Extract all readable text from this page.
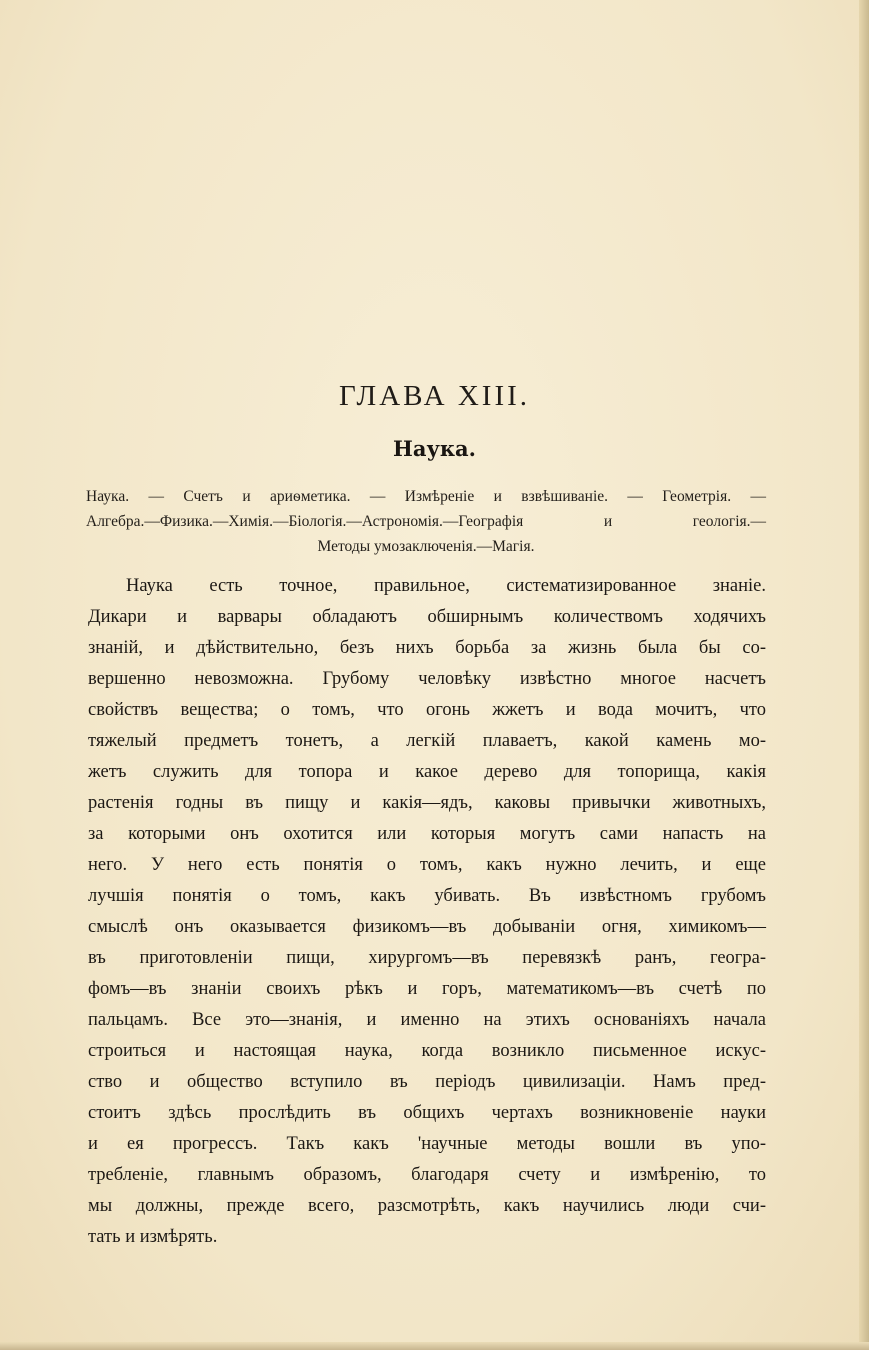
ГЛАВА XIII.
Наука.
Наука. — Счетъ и ариѳметика. — Измѣреніе и взвѣшиваніе. — Геометрія. —
Алгебра.—Физика.—Химія.—Біологія.—Астрономія.—Географія и геологія.—
Методы умозаключенія.—Магія.
Наука есть точное, правильное, систематизированное знаніе.
Дикари и варвары обладаютъ обширнымъ количествомъ ходячихъ
знаній, и дѣйствительно, безъ нихъ борьба за жизнь была бы со-
вершенно невозможна. Грубому человѣку извѣстно многое насчетъ
свойствъ вещества; о томъ, что огонь жжетъ и вода мочитъ, что
тяжелый предметъ тонетъ, а легкій плаваетъ, какой камень мо-
жетъ служить для топора и какое дерево для топорища, какія
растенія годны въ пищу и какія—ядъ, каковы привычки животныхъ,
за которыми онъ охотится или которыя могутъ сами напасть на
него. У него есть понятія о томъ, какъ нужно лечить, и еще
лучшія понятія о томъ, какъ убивать. Въ извѣстномъ грубомъ
смыслѣ онъ оказывается физикомъ—въ добываніи огня, химикомъ—
въ приготовленіи пищи, хирургомъ—въ перевязкѣ ранъ, геогра-
фомъ—въ знаніи своихъ рѣкъ и горъ, математикомъ—въ счетѣ по
пальцамъ. Все это—знанія, и именно на этихъ основаніяхъ начала
строиться и настоящая наука, когда возникло письменное искус-
ство и общество вступило въ періодъ цивилизаціи. Намъ пред-
стоитъ здѣсь прослѣдить въ общихъ чертахъ возникновеніе науки
и ея прогрессъ. Такъ какъ 'научные методы вошли въ упо-
требленіе, главнымъ образомъ, благодаря счету и измѣренію, то
мы должны, прежде всего, разсмотрѣть, какъ научились люди счи-
тать и измѣрять.
